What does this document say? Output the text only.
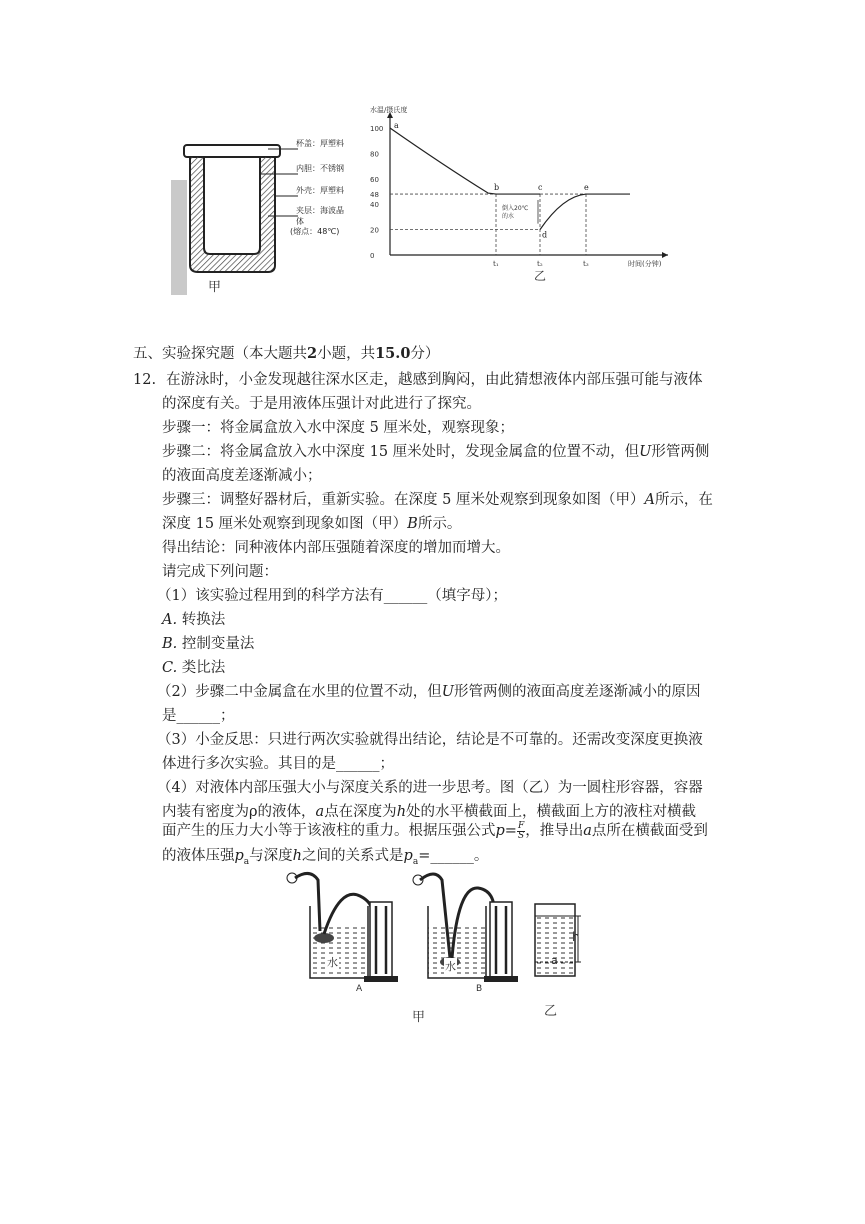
杯盖：厚塑料
内胆：不锈钢
外壳：厚塑料
夹层：海波晶体
(熔点：48℃)
甲
水温/摄氏度
时间(分钟)
100
80
60
48
40
20
0
t₁	t₂	t₃
a
b	c
d
e
倒入20℃
的水
乙
五、实验探究题（本大题共2小题，共15.0分）
12. 在游泳时，小金发现越往深水区走，越感到胸闷，由此猜想液体内部压强可能与液体
的深度有关。于是用液体压强计对此进行了探究。
步骤一：将金属盒放入水中深度 5 厘米处，观察现象；
步骤二：将金属盒放入水中深度 15 厘米处时，发现金属盒的位置不动，但U形管两侧
的液面高度差逐渐减小；
步骤三：调整好器材后，重新实验。在深度 5 厘米处观察到现象如图（甲）A所示，在
深度 15 厘米处观察到现象如图（甲）B所示。
得出结论：同种液体内部压强随着深度的增加而增大。
请完成下列问题：
（1）该实验过程用到的科学方法有______（填字母）；
A. 转换法
B. 控制变量法
C. 类比法
（2）步骤二中金属盒在水里的位置不动，但U形管两侧的液面高度差逐渐减小的原因
是______；
（3）小金反思：只进行两次实验就得出结论，结论是不可靠的。还需改变深度更换液
体进行多次实验。其目的是______；
（4）对液体内部压强大小与深度关系的进一步思考。图（乙）为一圆柱形容器，容器
内装有密度为ρ的液体，a点在深度为h处的水平横截面上，横截面上方的液柱对横截
面产生的压力大小等于该液柱的重力。根据压强公式$p= \frac{F}{S}$ ，推导出a点所在横截面受到
的液体压强$p_a$与深度h之间的关系式是$p_a=\_\_\_\_\_\_$。
水	水
A	B
h
a
甲	乙
